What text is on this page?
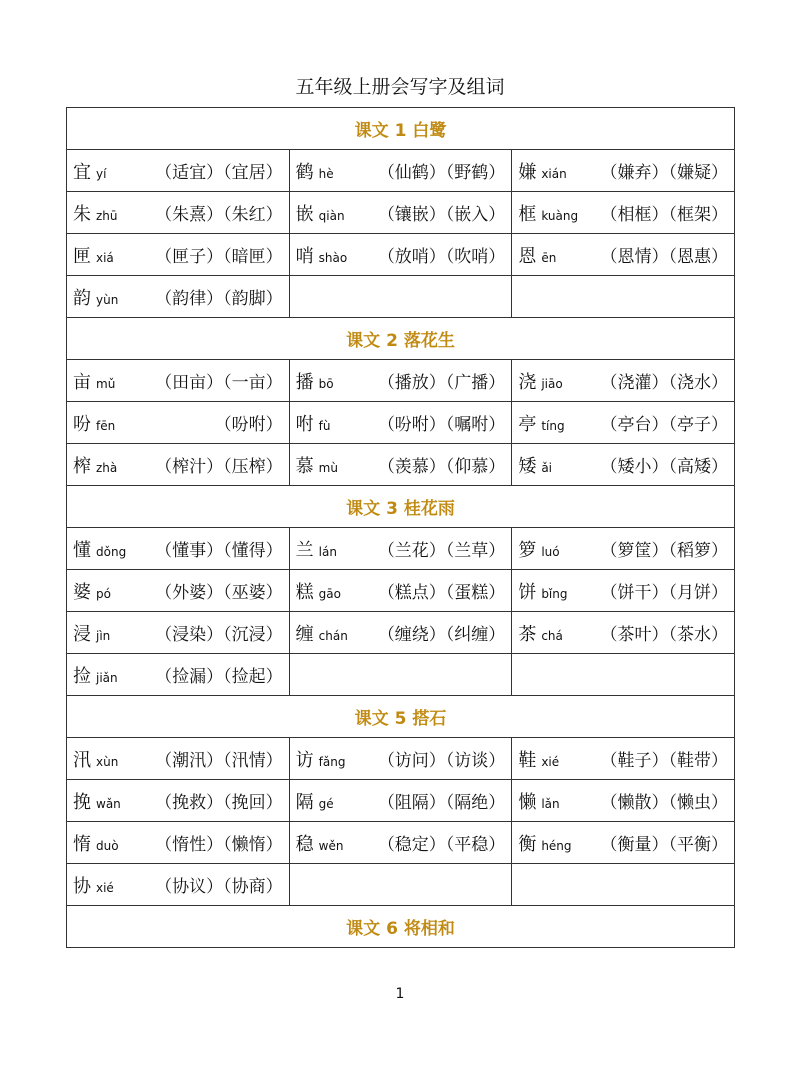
五年级上册会写字及组词
课文 1 白鹭		

宜 yí （适宜）（宜居）	鹤 hè （仙鹤）（野鹤）	嫌 xián （嫌弃）（嫌疑）

朱 zhū （朱熹）（朱红）	嵌 qiàn （镶嵌）（嵌入）	框 kuàng （相框）（框架）

匣 xiá （匣子）（暗匣）	哨 shào （放哨）（吹哨）	恩 ēn （恩情）（恩惠）

韵 yùn （韵律）（韵脚）		

课文 2 落花生		

亩 mǔ （田亩）（一亩）	播 bō （播放）（广播）	浇 jiāo （浇灌）（浇水）

吩 fēn （吩咐）	咐 fù （吩咐）（嘱咐）	亭 tíng （亭台）（亭子）

榨 zhà （榨汁）（压榨）	慕 mù （羡慕）（仰慕）	矮 ǎi （矮小）（高矮）

课文 3 桂花雨		

懂 dǒng （懂事）（懂得）	兰 lán （兰花）（兰草）	箩 luó （箩筐）（稻箩）

婆 pó （外婆）（巫婆）	糕 gāo （糕点）（蛋糕）	饼 bǐng （饼干）（月饼）

浸 jìn （浸染）（沉浸）	缠 chán （缠绕）（纠缠）	茶 chá （茶叶）（茶水）

捡 jiǎn （捡漏）（捡起）		

课文 5 搭石		

汛 xùn （潮汛）（汛情）	访 fǎng （访问）（访谈）	鞋 xié （鞋子）（鞋带）

挽 wǎn （挽救）（挽回）	隔 gé （阻隔）（隔绝）	懒 lǎn （懒散）（懒虫）

惰 duò （惰性）（懒惰）	稳 wěn （稳定）（平稳）	衡 héng （衡量）（平衡）

协 xié （协议）（协商）		

课文 6 将相和		
1
